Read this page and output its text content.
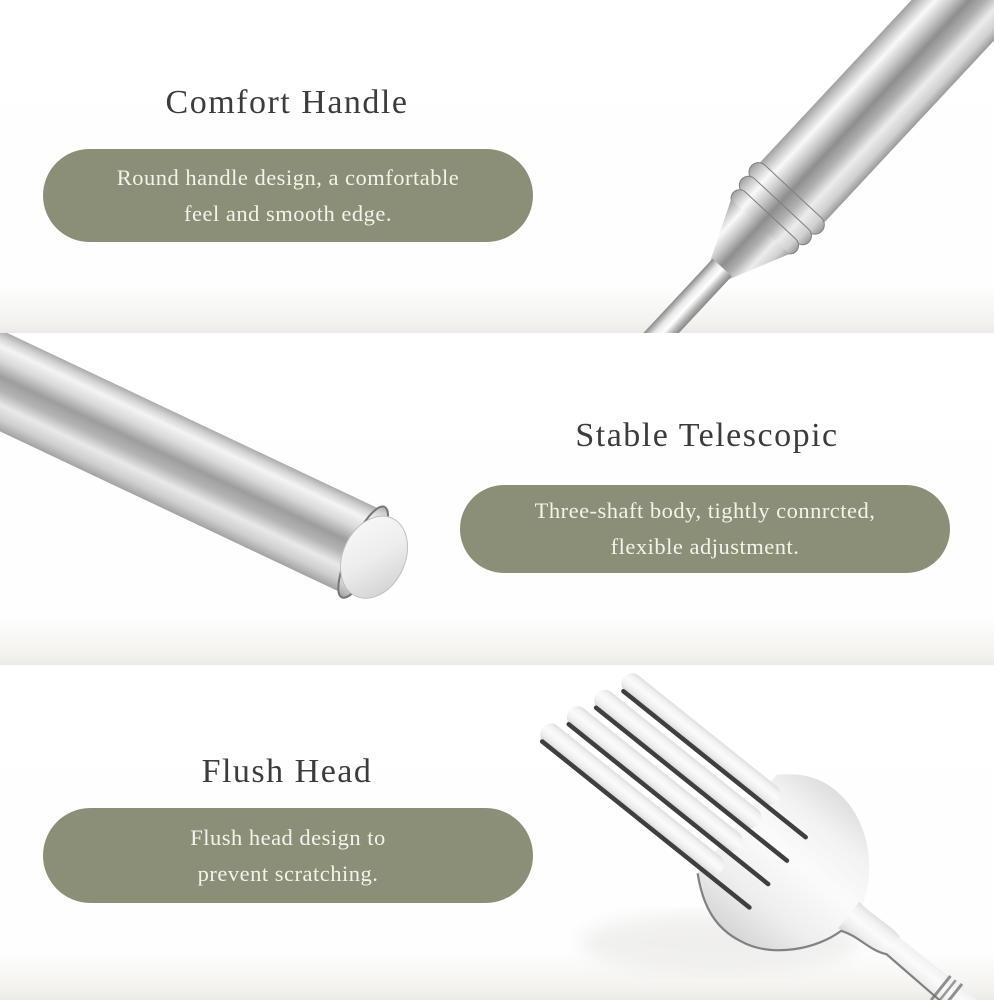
Comfort Handle
Round handle design, a comfortable
feel and smooth edge.
Stable Telescopic
Three-shaft body, tightly connrcted,
flexible adjustment.
Flush Head
Flush head design to
prevent scratching.
